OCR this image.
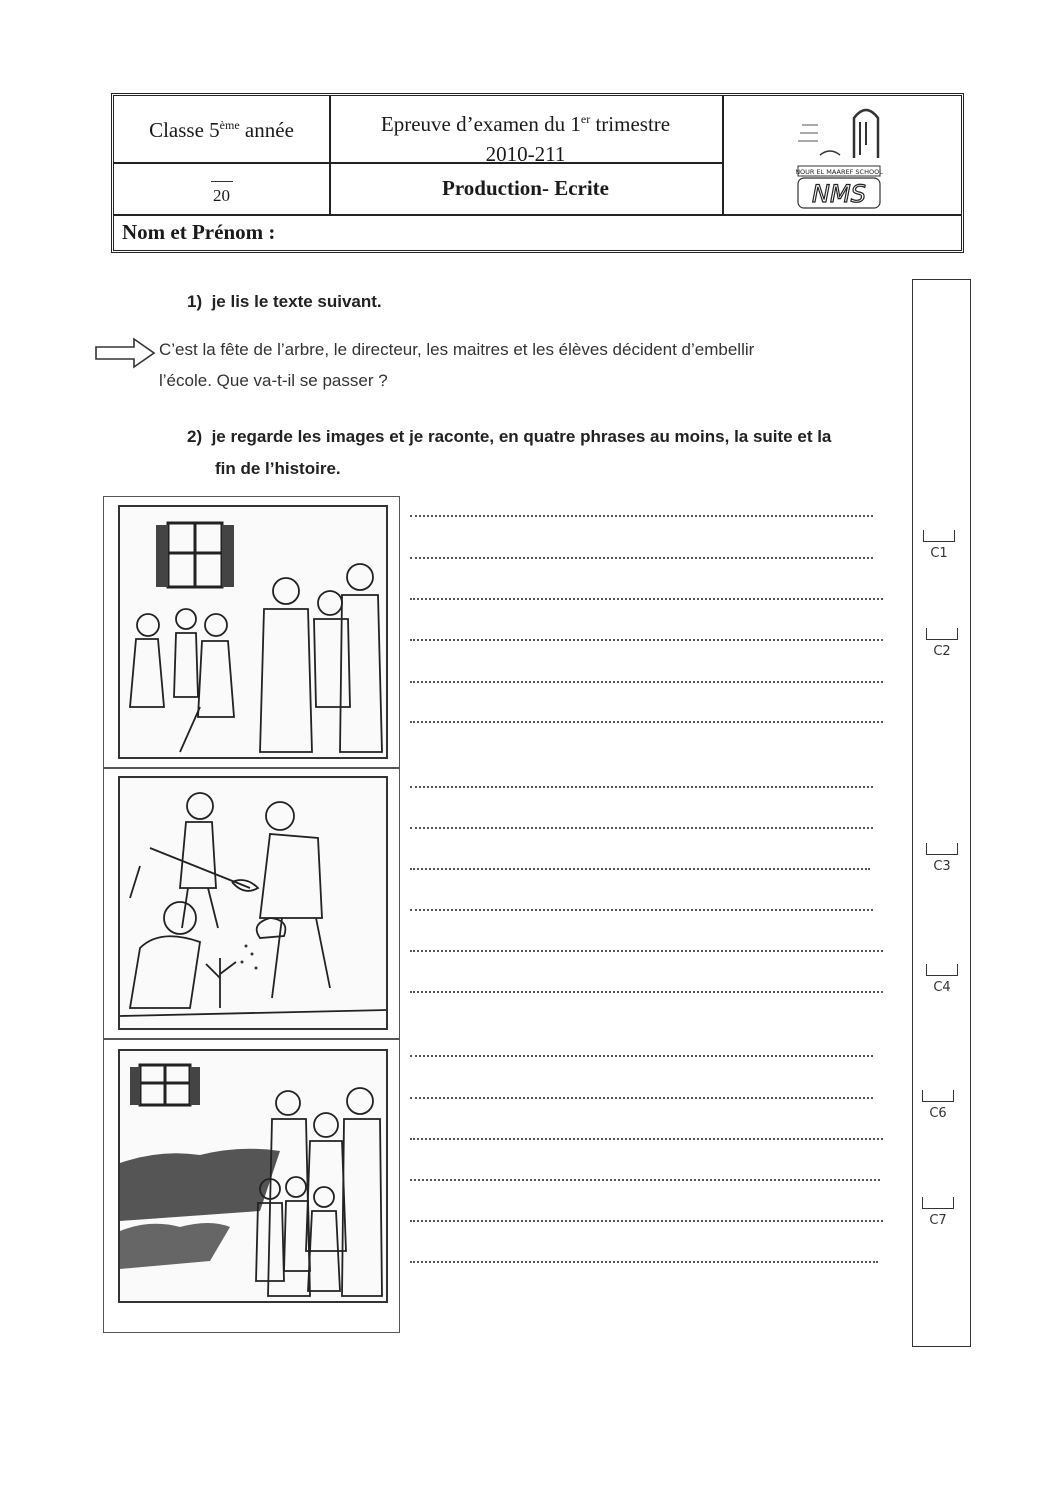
Classe 5ème année	Epreuve d’examen du 1er trimestre
2010-211
20	Production- Ecrite
Nom et Prénom :
NOUR EL MAAREF SCHOOL
NMS
1) je lis le texte suivant.
C’est la fête de l’arbre, le directeur, les maitres et les élèves décident d’embellir
l’école. Que va-t-il se passer ?
2) je regarde les images et je raconte, en quatre phrases au moins, la suite et la
fin de l’histoire.
C1
C2
C3
C4
C6
C7
